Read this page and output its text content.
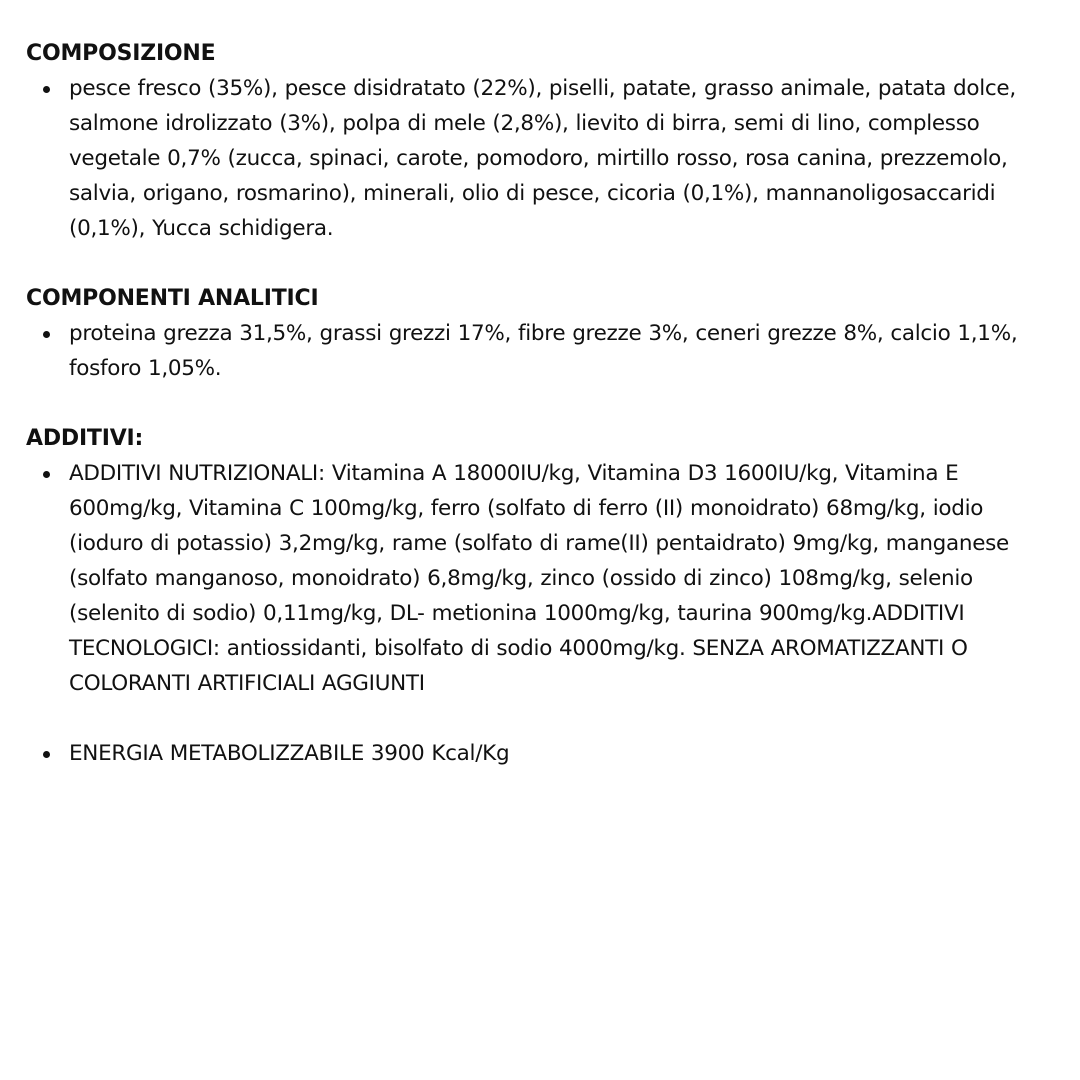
COMPOSIZIONE
pesce fresco (35%), pesce disidratato (22%), piselli, patate, grasso animale, patata dolce, salmone idrolizzato (3%), polpa di mele (2,8%), lievito di birra, semi di lino, complesso vegetale 0,7% (zucca, spinaci, carote, pomodoro, mirtillo rosso, rosa canina, prezzemolo, salvia, origano, rosmarino), minerali, olio di pesce, cicoria (0,1%), mannanoligosaccaridi (0,1%), Yucca schidigera.
COMPONENTI ANALITICI
proteina grezza 31,5%, grassi grezzi 17%, fibre grezze 3%, ceneri grezze 8%, calcio 1,1%, fosforo 1,05%.
ADDITIVI:
ADDITIVI NUTRIZIONALI: Vitamina A 18000IU/kg, Vitamina D3 1600IU/kg, Vitamina E 600mg/kg, Vitamina C 100mg/kg, ferro (solfato di ferro (II) monoidrato) 68mg/kg, iodio (ioduro di potassio) 3,2mg/kg, rame (solfato di rame(II) pentaidrato) 9mg/kg, manganese (solfato manganoso, monoidrato) 6,8mg/kg, zinco (ossido di zinco) 108mg/kg, selenio (selenito di sodio) 0,11mg/kg, DL- metionina 1000mg/kg, taurina 900mg/kg.ADDITIVI TECNOLOGICI: antiossidanti, bisolfato di sodio 4000mg/kg. SENZA AROMATIZZANTI O COLORANTI ARTIFICIALI AGGIUNTI
ENERGIA METABOLIZZABILE 3900 Kcal/Kg
